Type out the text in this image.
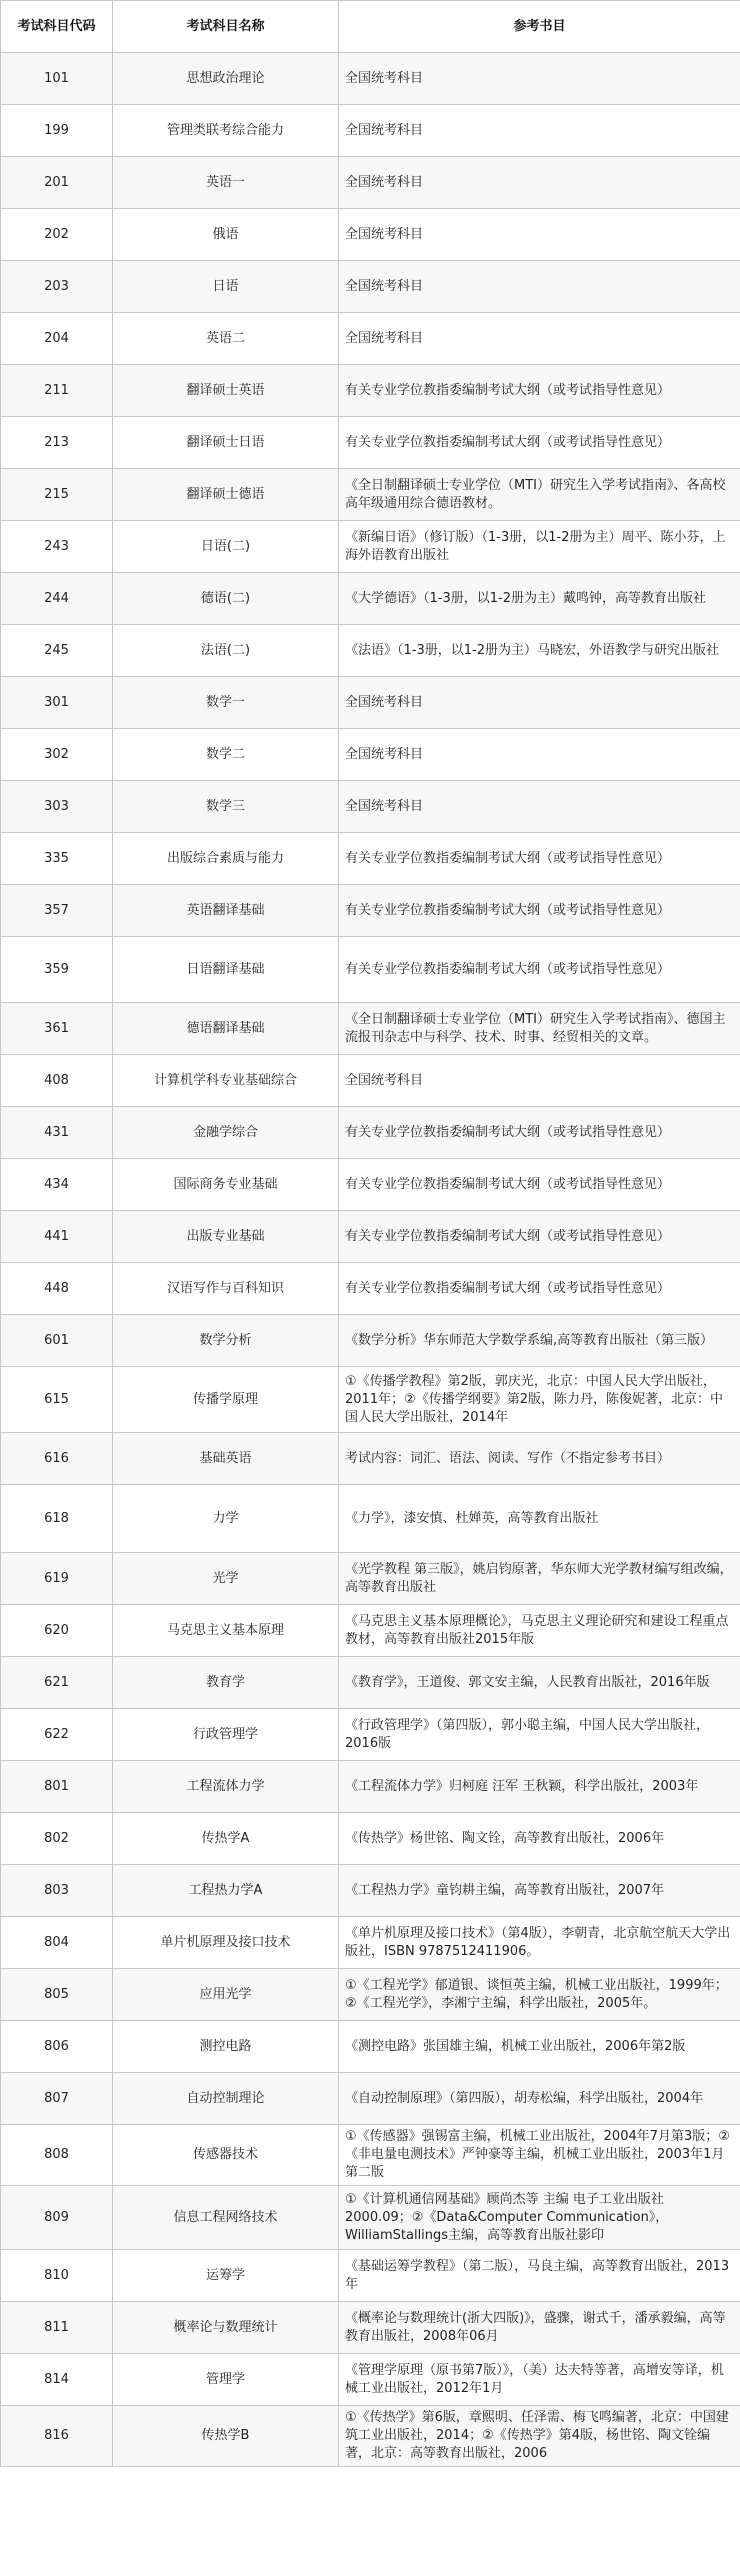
考试科目代码	考试科目名称	参考书目
101	思想政治理论	全国统考科目
199	管理类联考综合能力	全国统考科目
201	英语一	全国统考科目
202	俄语	全国统考科目
203	日语	全国统考科目
204	英语二	全国统考科目
211	翻译硕士英语	有关专业学位教指委编制考试大纲（或考试指导性意见）
213	翻译硕士日语	有关专业学位教指委编制考试大纲（或考试指导性意见）
215	翻译硕士德语	《全日制翻译硕士专业学位（MTI）研究生入学考试指南》、各高校高年级通用综合德语教材。
243	日语(二)	《新编日语》（修订版）（1-3册，以1-2册为主）周平、陈小芬，上海外语教育出版社
244	德语(二)	《大学德语》（1-3册，以1-2册为主）戴鸣钟，高等教育出版社
245	法语(二)	《法语》（1-3册，以1-2册为主）马晓宏，外语教学与研究出版社
301	数学一	全国统考科目
302	数学二	全国统考科目
303	数学三	全国统考科目
335	出版综合素质与能力	有关专业学位教指委编制考试大纲（或考试指导性意见）
357	英语翻译基础	有关专业学位教指委编制考试大纲（或考试指导性意见）
359	日语翻译基础	有关专业学位教指委编制考试大纲（或考试指导性意见）
361	德语翻译基础	《全日制翻译硕士专业学位（MTI）研究生入学考试指南》、德国主流报刊杂志中与科学、技术、时事、经贸相关的文章。
408	计算机学科专业基础综合	全国统考科目
431	金融学综合	有关专业学位教指委编制考试大纲（或考试指导性意见）
434	国际商务专业基础	有关专业学位教指委编制考试大纲（或考试指导性意见）
441	出版专业基础	有关专业学位教指委编制考试大纲（或考试指导性意见）
448	汉语写作与百科知识	有关专业学位教指委编制考试大纲（或考试指导性意见）
601	数学分析	《数学分析》华东师范大学数学系编,高等教育出版社（第三版）
615	传播学原理	①《传播学教程》第2版，郭庆光，北京：中国人民大学出版社，2011年；②《传播学纲要》第2版，陈力丹，陈俊妮著，北京：中国人民大学出版社，2014年
616	基础英语	考试内容：词汇、语法、阅读、写作（不指定参考书目）
618	力学	《力学》，漆安慎、杜婵英，高等教育出版社
619	光学	《光学教程 第三版》，姚启钧原著，华东师大光学教材编写组改编，高等教育出版社
620	马克思主义基本原理	《马克思主义基本原理概论》，马克思主义理论研究和建设工程重点教材，高等教育出版社2015年版
621	教育学	《教育学》，王道俊、郭文安主编，人民教育出版社，2016年版
622	行政管理学	《行政管理学》（第四版），郭小聪主编，中国人民大学出版社，2016版
801	工程流体力学	《工程流体力学》归柯庭 汪军 王秋颖，科学出版社，2003年
802	传热学A	《传热学》杨世铭、陶文铨，高等教育出版社，2006年
803	工程热力学A	《工程热力学》童钧耕主编，高等教育出版社，2007年
804	单片机原理及接口技术	《单片机原理及接口技术》（第4版），李朝青，北京航空航天大学出版社，ISBN 9787512411906。
805	应用光学	①《工程光学》郁道银、谈恒英主编，机械工业出版社，1999年；②《工程光学》，李湘宁主编，科学出版社，2005年。
806	测控电路	《测控电路》张国雄主编，机械工业出版社，2006年第2版
807	自动控制理论	《自动控制原理》（第四版），胡寿松编，科学出版社，2004年
808	传感器技术	①《传感器》强锡富主编，机械工业出版社，2004年7月第3版；②《非电量电测技术》严钟豪等主编，机械工业出版社，2003年1月第二版
809	信息工程网络技术	①《计算机通信网基础》顾尚杰等 主编 电子工业出版社 2000.09；②《Data&Computer Communication》，WilliamStallings主编，高等教育出版社影印
810	运筹学	《基础运筹学教程》（第二版），马良主编，高等教育出版社，2013年
811	概率论与数理统计	《概率论与数理统计(浙大四版)》，盛骤，谢式千，潘承毅编，高等教育出版社，2008年06月
814	管理学	《管理学原理（原书第7版）》，（美）达夫特等著，高增安等译，机械工业出版社，2012年1月
816	传热学B	①《传热学》第6版，章熙明、任泽需、梅飞鸣编著，北京：中国建筑工业出版社，2014；②《传热学》第4版，杨世铭、陶文铨编著，北京：高等教育出版社，2006
